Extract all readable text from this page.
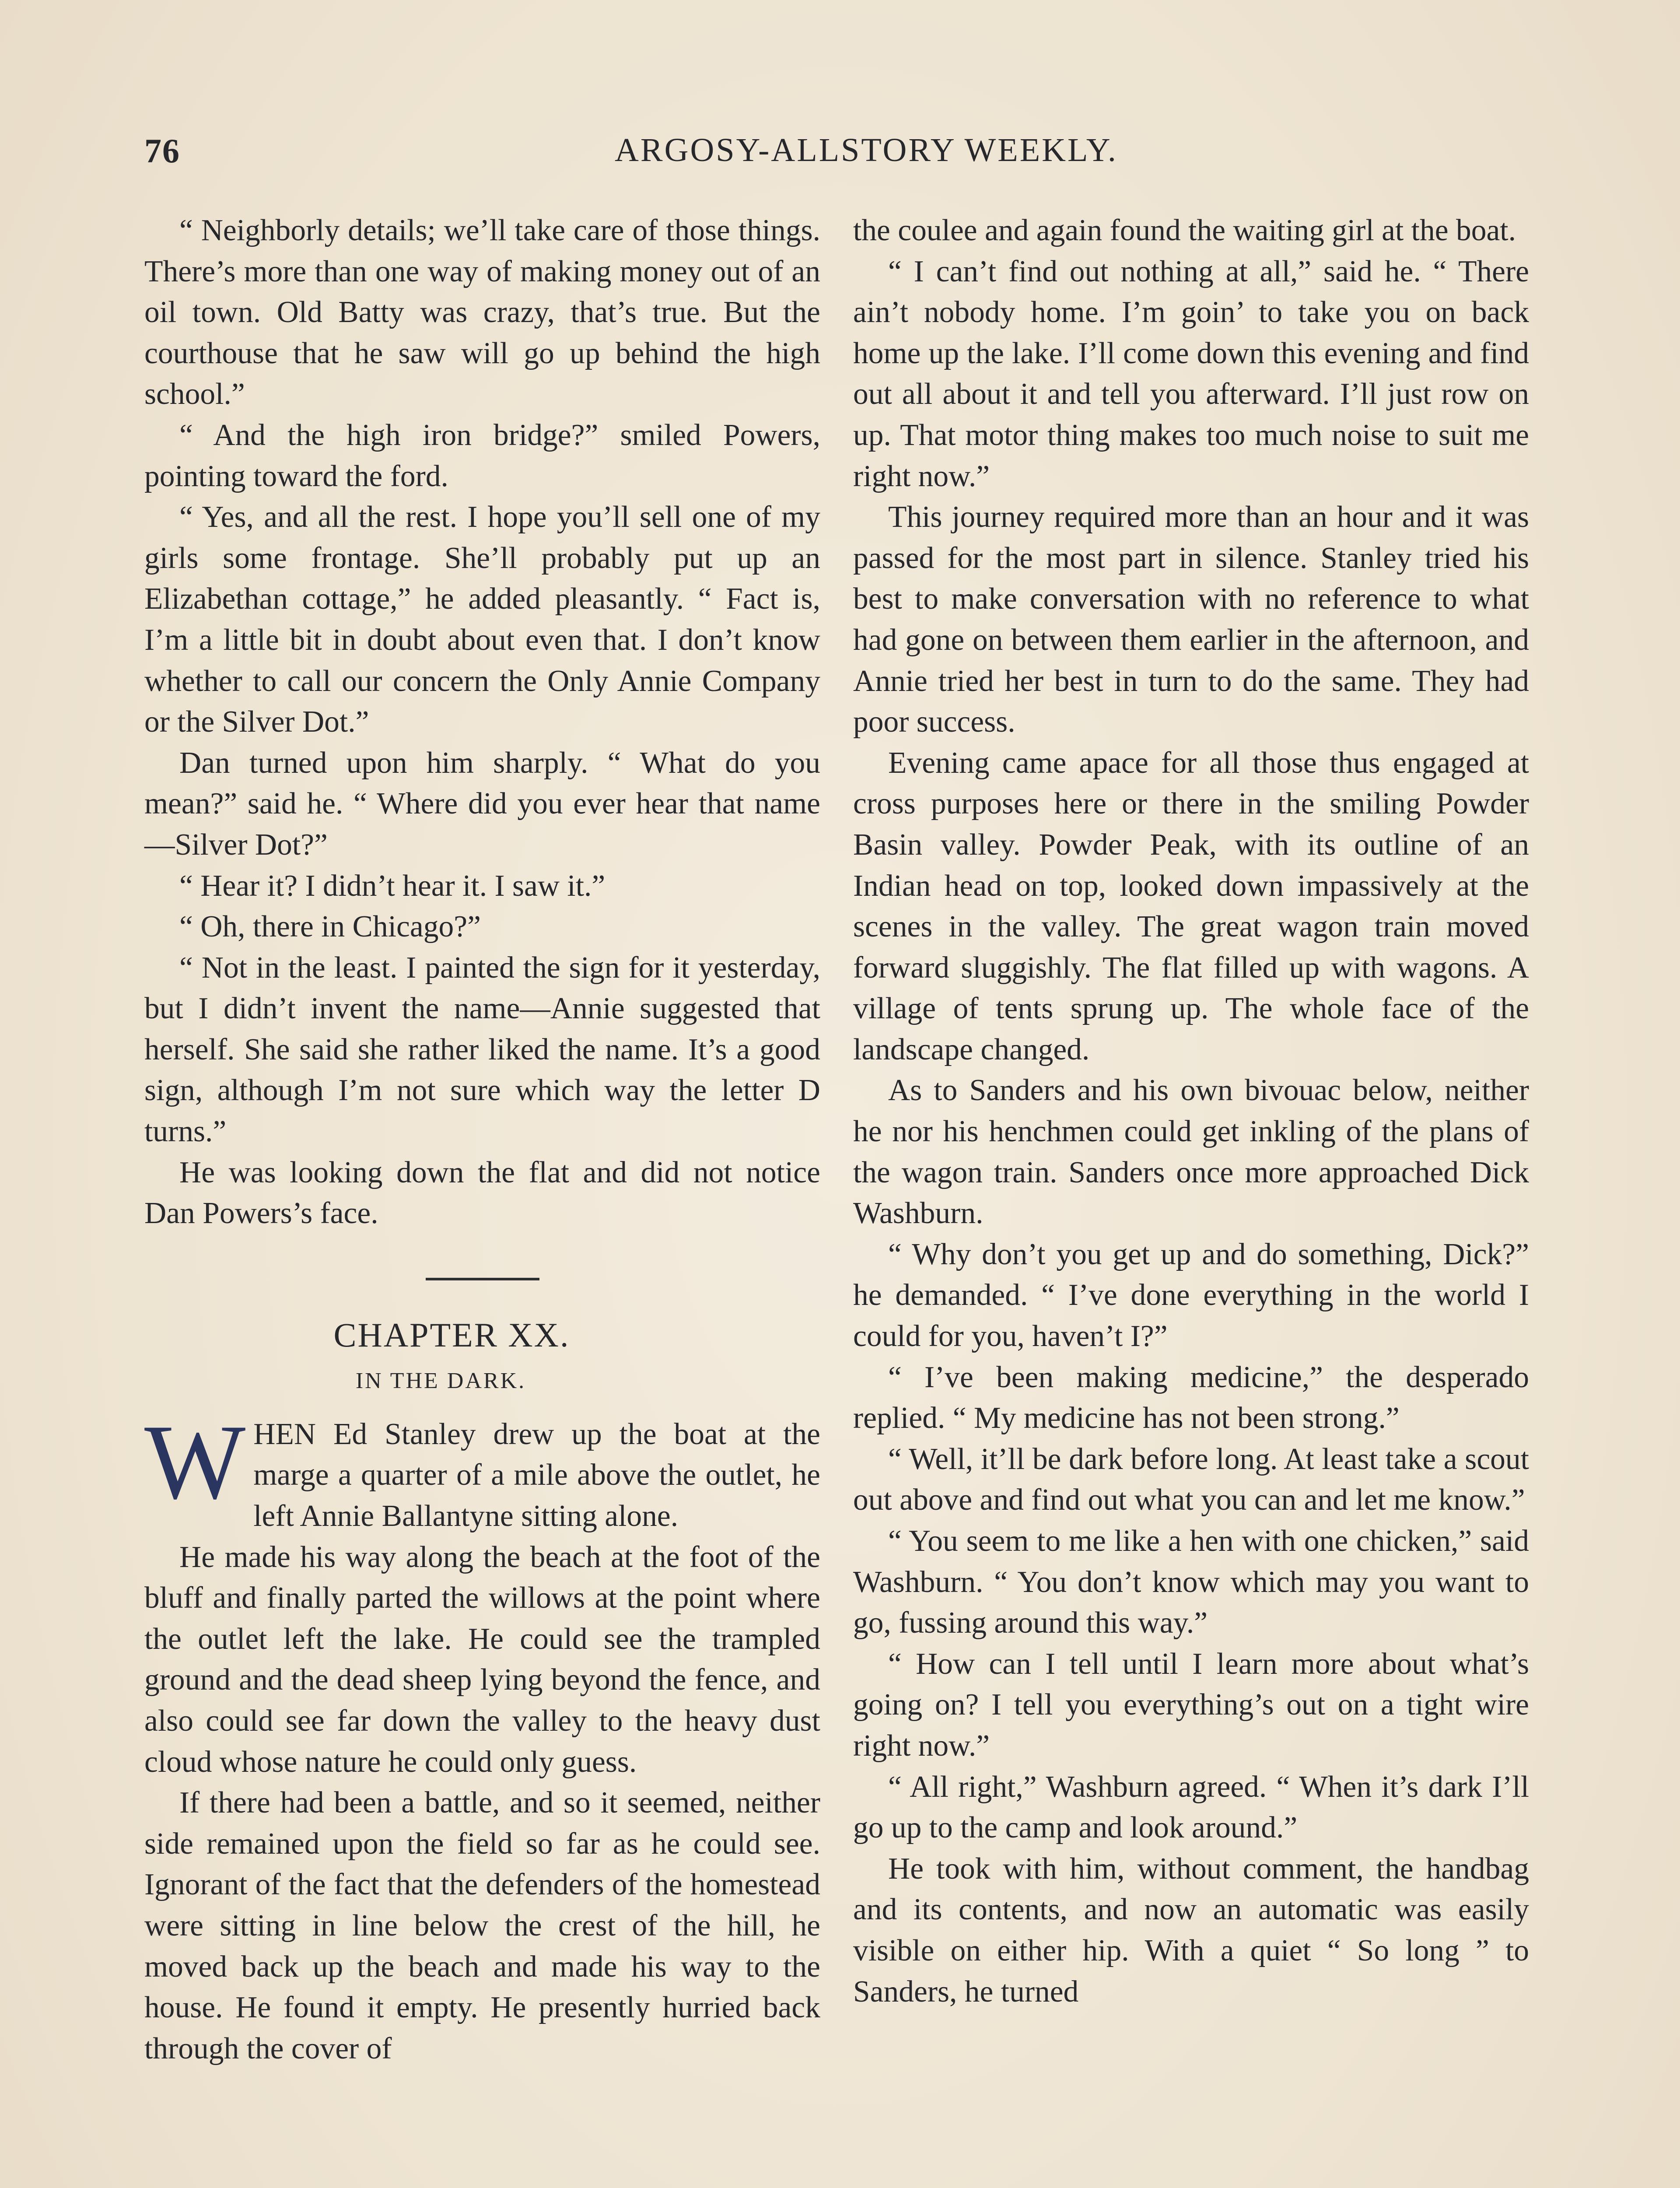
76	ARGOSY-ALLSTORY WEEKLY.

“ Neighborly details; we’ll take care of those things. There’s more than one way of making money out of an oil town. Old Batty was crazy, that’s true. But the courthouse that he saw will go up behind the high school.”

“ And the high iron bridge?” smiled Powers, pointing toward the ford.

“ Yes, and all the rest. I hope you’ll sell one of my girls some frontage. She’ll probably put up an Elizabethan cottage,” he added pleasantly. “ Fact is, I’m a little bit in doubt about even that. I don’t know whether to call our concern the Only Annie Company or the Silver Dot.”

Dan turned upon him sharply. “ What do you mean?” said he. “ Where did you ever hear that name—Silver Dot?”

“ Hear it? I didn’t hear it. I saw it.”

“ Oh, there in Chicago?”

“ Not in the least. I painted the sign for it yesterday, but I didn’t invent the name—Annie suggested that herself. She said she rather liked the name. It’s a good sign, although I’m not sure which way the letter D turns.”

He was looking down the flat and did not notice Dan Powers’s face.

CHAPTER XX.
IN THE DARK.

WHEN Ed Stanley drew up the boat at the marge a quarter of a mile above the outlet, he left Annie Ballantyne sitting alone.

He made his way along the beach at the foot of the bluff and finally parted the willows at the point where the outlet left the lake. He could see the trampled ground and the dead sheep lying beyond the fence, and also could see far down the valley to the heavy dust cloud whose nature he could only guess.

If there had been a battle, and so it seemed, neither side remained upon the field so far as he could see. Ignorant of the fact that the defenders of the homestead were sitting in line below the crest of the hill, he moved back up the beach and made his way to the house. He found it empty. He presently hurried back through the cover of

the coulee and again found the waiting girl at the boat.

“ I can’t find out nothing at all,” said he. “ There ain’t nobody home. I’m goin’ to take you on back home up the lake. I’ll come down this evening and find out all about it and tell you afterward. I’ll just row on up. That motor thing makes too much noise to suit me right now.”

This journey required more than an hour and it was passed for the most part in silence. Stanley tried his best to make conversation with no reference to what had gone on between them earlier in the afternoon, and Annie tried her best in turn to do the same. They had poor success.

Evening came apace for all those thus engaged at cross purposes here or there in the smiling Powder Basin valley. Powder Peak, with its outline of an Indian head on top, looked down impassively at the scenes in the valley. The great wagon train moved forward sluggishly. The flat filled up with wagons. A village of tents sprung up. The whole face of the landscape changed.

As to Sanders and his own bivouac below, neither he nor his henchmen could get inkling of the plans of the wagon train. Sanders once more approached Dick Washburn.

“ Why don’t you get up and do something, Dick?” he demanded. “ I’ve done everything in the world I could for you, haven’t I?”

“ I’ve been making medicine,” the desperado replied. “ My medicine has not been strong.”

“ Well, it’ll be dark before long. At least take a scout out above and find out what you can and let me know.”

“ You seem to me like a hen with one chicken,” said Washburn. “ You don’t know which may you want to go, fussing around this way.”

“ How can I tell until I learn more about what’s going on? I tell you everything’s out on a tight wire right now.”

“ All right,” Washburn agreed. “ When it’s dark I’ll go up to the camp and look around.”

He took with him, without comment, the handbag and its contents, and now an automatic was easily visible on either hip. With a quiet “ So long ” to Sanders, he turned
